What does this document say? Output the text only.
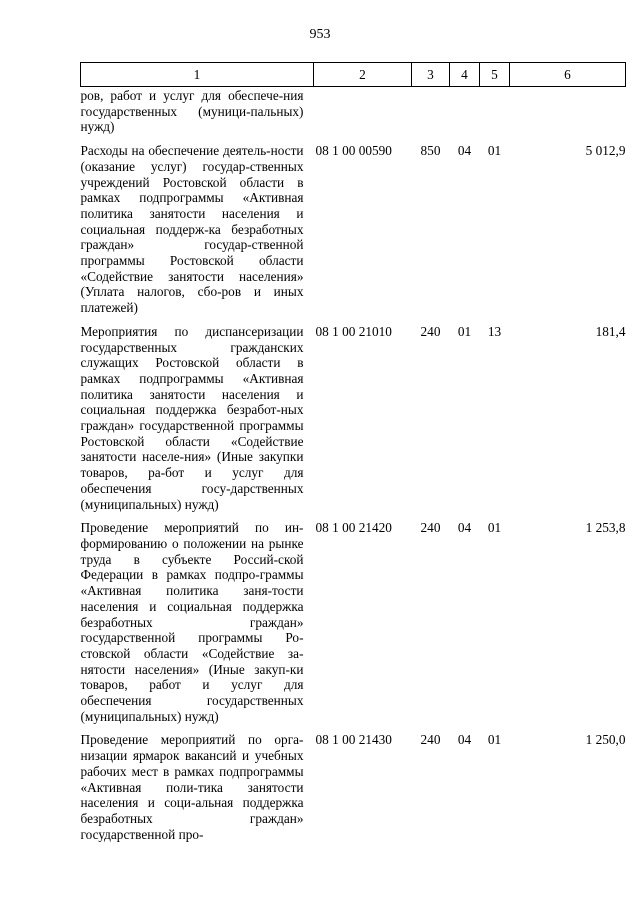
953
1	2	3	4	5	6
ров, работ и услуг для обеспече-ния государственных (муници-пальных) нужд)					
Расходы на обеспечение деятель-ности (оказание услуг) государ-ственных учреждений Ростовской области в рамках подпрограммы «Активная политика занятости населения и социальная поддерж-ка безработных граждан» государ-ственной программы Ростовской области «Содействие занятости населения» (Уплата налогов, сбо-ров и иных платежей)	08 1 00 00590	850	04	01	5 012,9
Мероприятия по диспансеризации государственных гражданских служащих Ростовской области в рамках подпрограммы «Активная политика занятости населения и социальная поддержка безработ-ных граждан» государственной программы Ростовской области «Содействие занятости населе-ния» (Иные закупки товаров, ра-бот и услуг для обеспечения госу-дарственных (муниципальных) нужд)	08 1 00 21010	240	01	13	181,4
Проведение мероприятий по ин-формированию о положении на рынке труда в субъекте Россий-ской Федерации в рамках подпро-граммы «Активная политика заня-тости населения и социальная поддержка безработных граждан» государственной программы Ро-стовской области «Содействие за-нятости населения» (Иные закуп-ки товаров, работ и услуг для обеспечения государственных (муниципальных) нужд)	08 1 00 21420	240	04	01	1 253,8
Проведение мероприятий по орга-низации ярмарок вакансий и учебных рабочих мест в рамках подпрограммы «Активная поли-тика занятости населения и соци-альная поддержка безработных граждан» государственной про-	08 1 00 21430	240	04	01	1 250,0
